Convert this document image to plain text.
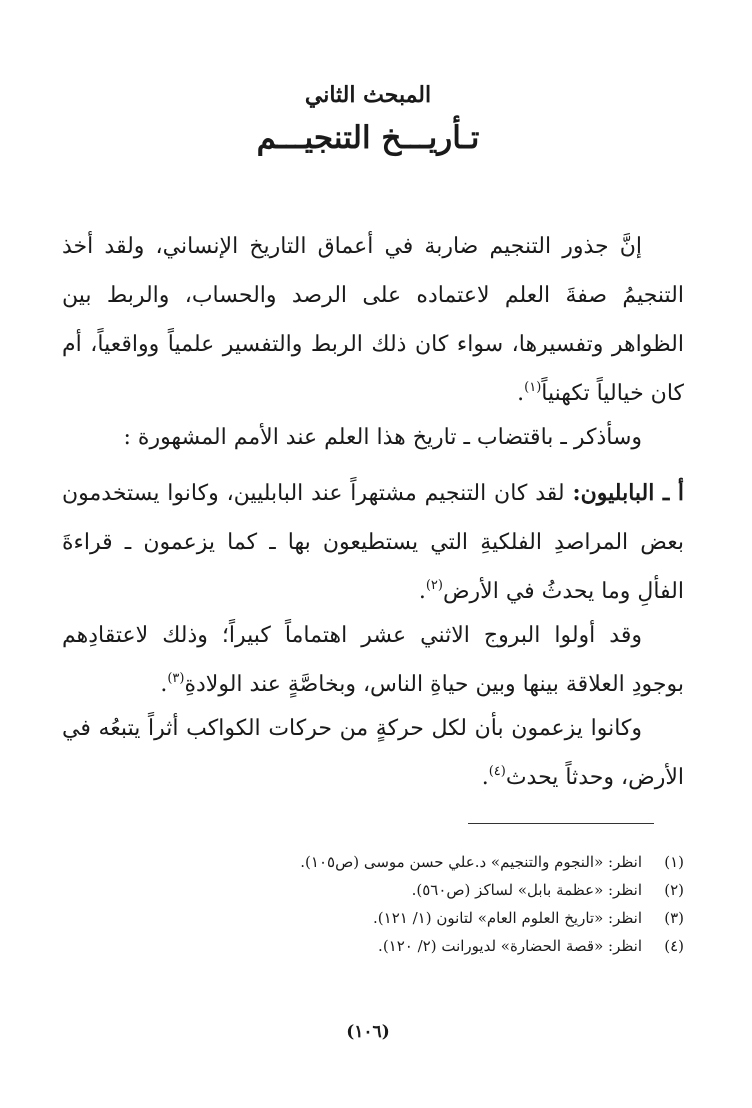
المبحث الثاني
تـأريـــخ التنجيـــم

إنَّ جذور التنجيم ضاربة في أعماق التاريخ الإنساني، ولقد أخذ التنجيمُ صفةَ العلم لاعتماده على الرصد والحساب، والربط بين الظواهر وتفسيرها، سواء كان ذلك الربط والتفسير علمياً وواقعياً، أم كان خيالياً تكهنياً$^{(١)}$.

وسأذكر ـ باقتضاب ـ تاريخ هذا العلم عند الأمم المشهورة :

أ ـ البابليون: لقد كان التنجيم مشتهراً عند البابليين، وكانوا يستخدمون بعض المراصدِ الفلكيةِ التي يستطيعون بها ـ كما يزعمون ـ قراءةَ الفألِ وما يحدثُ في الأرض$^{(٢)}$.

وقد أولوا البروج الاثني عشر اهتماماً كبيراً؛ وذلك لاعتقادِهم بوجودِ العلاقة بينها وبين حياةِ الناس، وبخاصَّةٍ عند الولادةِ$^{(٣)}$.

وكانوا يزعمون بأن لكل حركةٍ من حركات الكواكب أثراً يتبعُه في الأرض، وحدثاً يحدث$^{(٤)}$.

(١)
انظر: «النجوم والتنجيم» د.علي حسن موسى (ص١٠٥).
(٢)
انظر: «عظمة بابل» لساكز (ص٥٦٠).
(٣)
انظر: «تاريخ العلوم العام» لتانون (١/ ١٢١).
(٤)
انظر: «قصة الحضارة» لديورانت (٢/ ١٢٠).
(١٠٦)
